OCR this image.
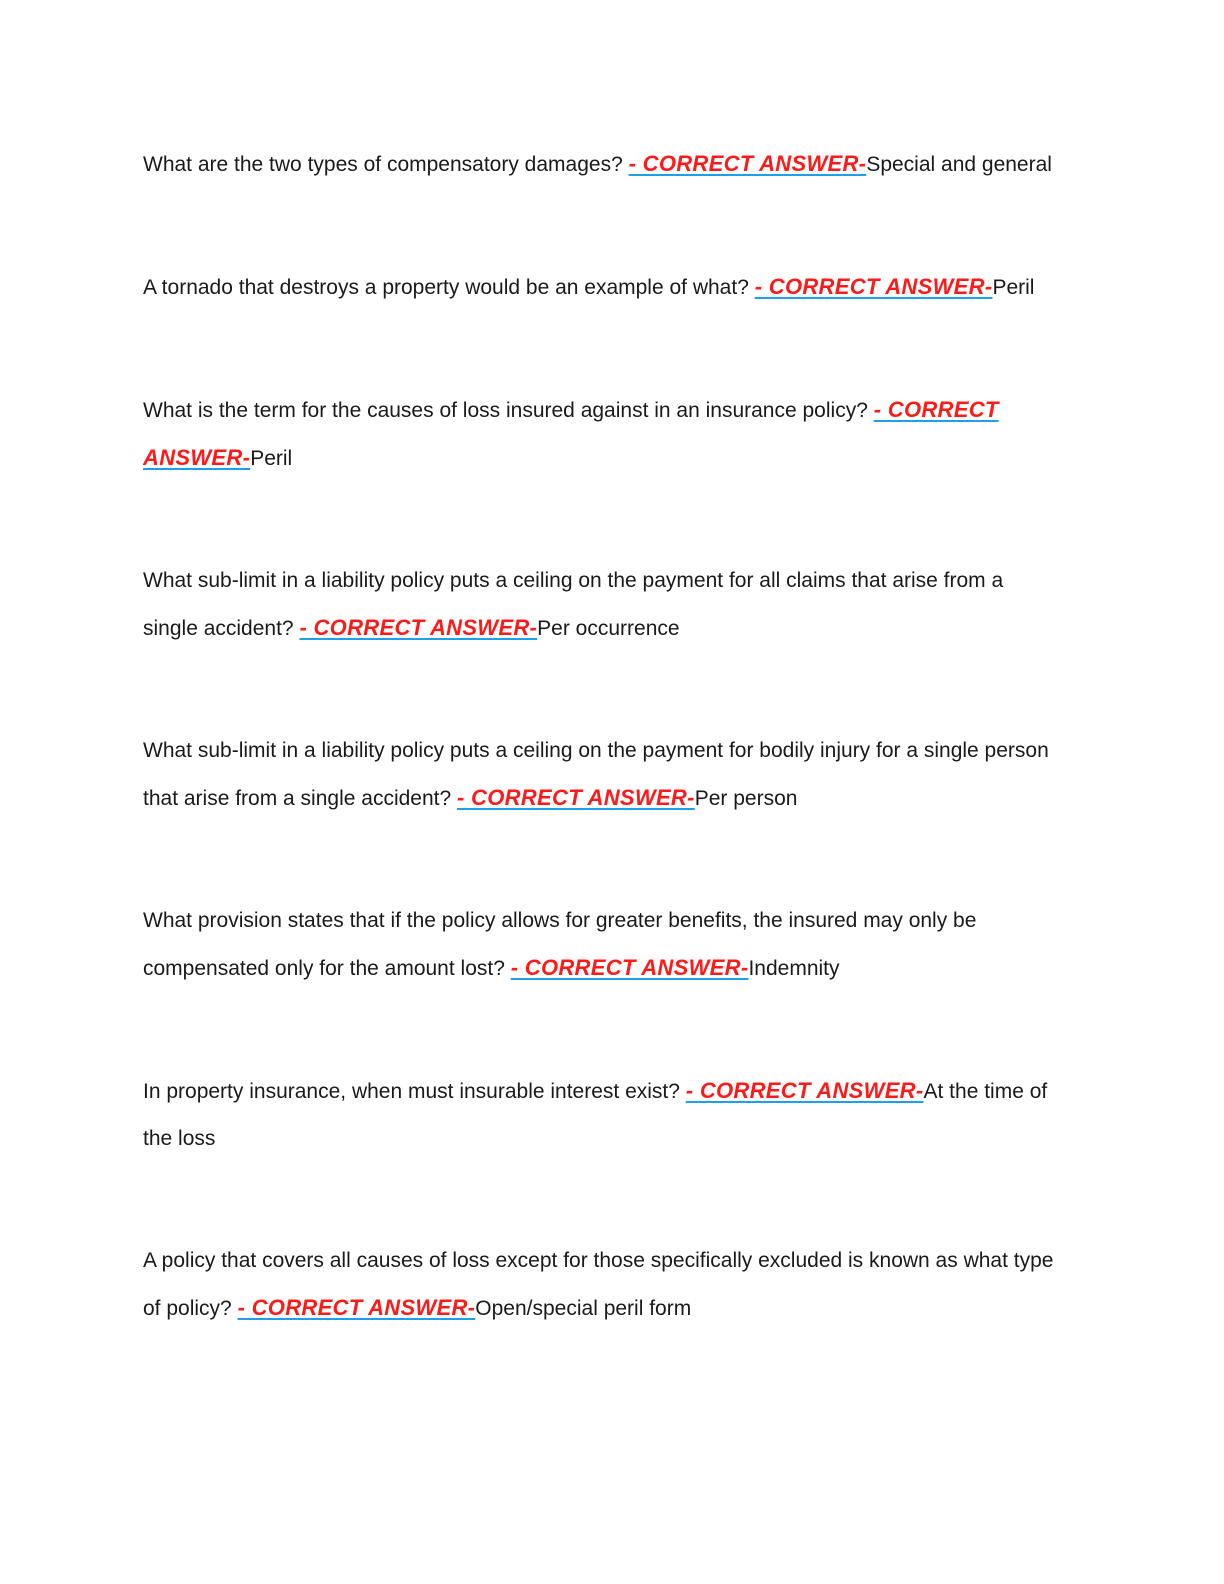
What are the two types of compensatory damages? - CORRECT ANSWER-Special and general

A tornado that destroys a property would be an example of what? - CORRECT ANSWER-Peril

What is the term for the causes of loss insured against in an insurance policy? - CORRECT ANSWER-Peril

What sub-limit in a liability policy puts a ceiling on the payment for all claims that arise from a single accident? - CORRECT ANSWER-Per occurrence

What sub-limit in a liability policy puts a ceiling on the payment for bodily injury for a single person that arise from a single accident? - CORRECT ANSWER-Per person

What provision states that if the policy allows for greater benefits, the insured may only be compensated only for the amount lost? - CORRECT ANSWER-Indemnity

In property insurance, when must insurable interest exist? - CORRECT ANSWER-At the time of the loss

A policy that covers all causes of loss except for those specifically excluded is known as what type of policy? - CORRECT ANSWER-Open/special peril form
